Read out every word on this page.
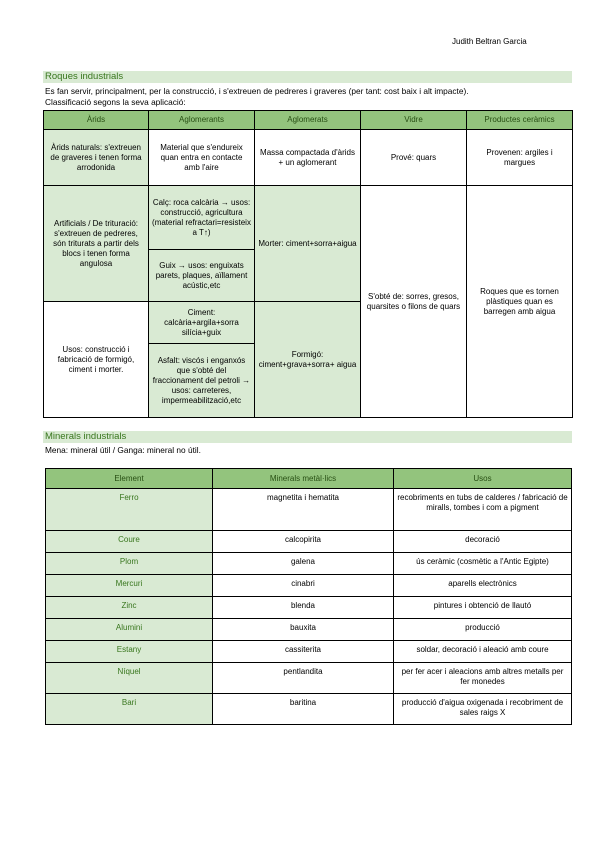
Judith Beltran Garcia
Roques industrials
Es fan servir, principalment, per la construcció, i s'extreuen de pedreres i graveres (per tant: cost baix i alt impacte).
Classificació segons la seva aplicació:
Àrids	Aglomerants	Aglomerats	Vidre	Productes ceràmics
Àrids naturals: s'extreuen de graveres i tenen forma arrodonida	Material que s'endureix quan entra en contacte amb l'aire	Massa compactada d'àrids + un aglomerant	Prové: quars	Provenen: argiles i margues
Artificials / De trituració: s'extreuen de pedreres, són triturats a partir dels blocs i tenen forma angulosa	Calç: roca calcària → usos: construcció, agricultura (material refractari=resisteix a T↑)	Morter: ciment+sorra+aigua	S'obté de: sorres, gresos, quarsites o filons de quars	Roques que es tornen plàstiques quan es barregen amb aigua
	Guix → usos: enguixats parets, plaques, aïllament acústic,etc			
Usos: construcció i fabricació de formigó, ciment i morter.	Ciment: calcària+argila+sorra silícia+guix	Formigó: ciment+grava+sorra+ aigua		
	Asfalt: viscós i enganxós que s'obté del fraccionament del petroli → usos: carreteres, impermeabilització,etc			
Minerals industrials
Mena: mineral útil / Ganga: mineral no útil.
Element	Minerals metàl·lics	Usos
Ferro	magnetita i hematita	recobriments en tubs de calderes / fabricació de miralls, tombes i com a pigment
Coure	calcopirita	decoració
Plom	galena	ús ceràmic (cosmètic a l'Antic Egipte)
Mercuri	cinabri	aparells electrònics
Zinc	blenda	pintures i obtenció de llautó
Alumini	bauxita	producció
Estany	cassiterita	soldar, decoració i aleació amb coure
Níquel	pentlandita	per fer acer i aleacions amb altres metalls per fer monedes
Bari	baritina	producció d'aigua oxigenada i recobriment de sales raigs X
